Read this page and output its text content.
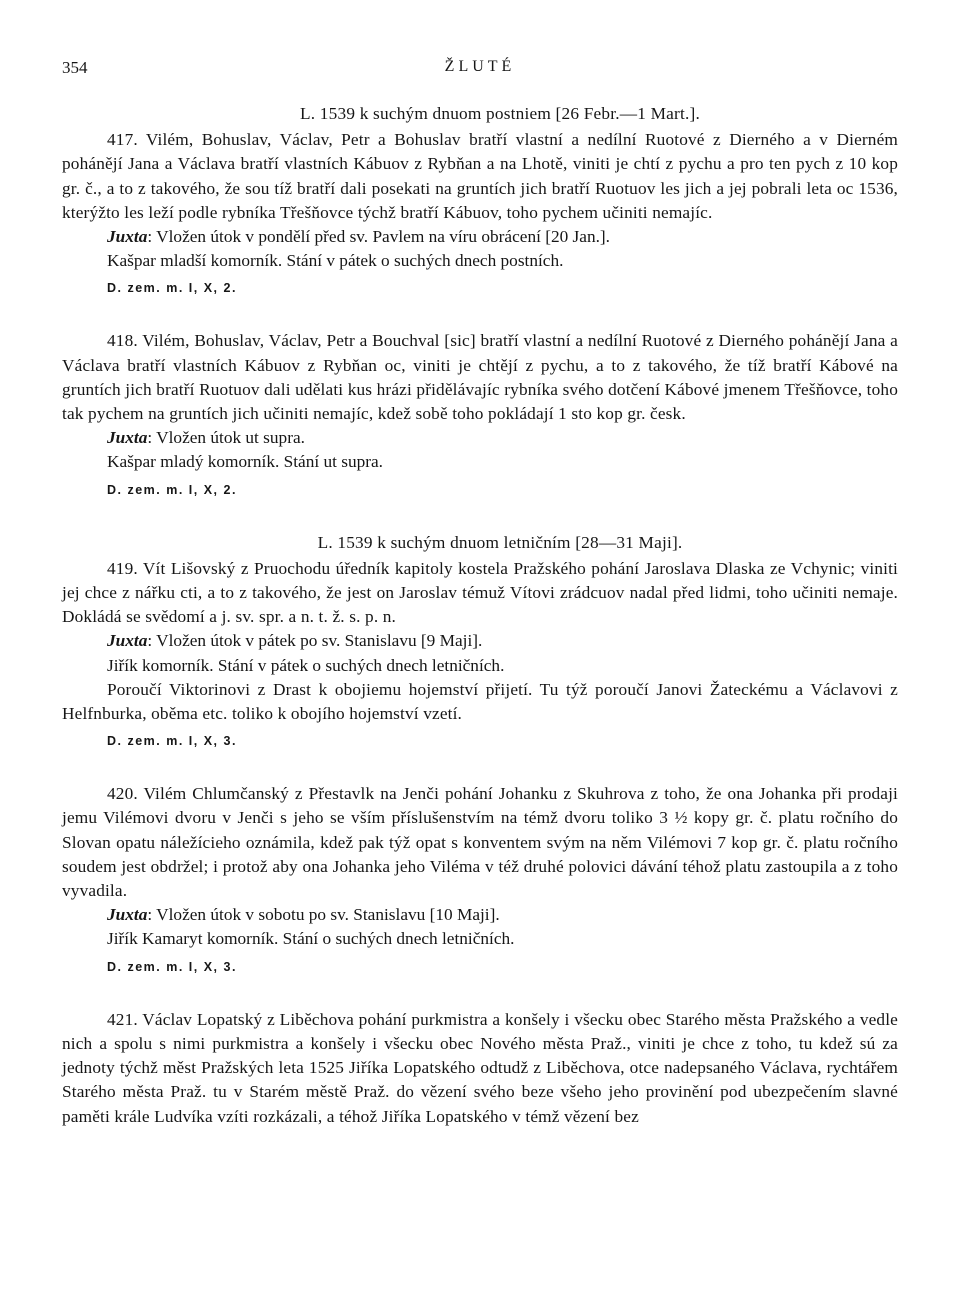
354	ŽLUTÉ
L. 1539 k suchým dnuom postniem [26 Febr.—1 Mart.].

417. Vilém, Bohuslav, Václav, Petr a Bohuslav bratří vlastní a nedílní Ruotové z Dierného a v Dierném pohánějí Jana a Václava bratří vlastních Kábuov z Rybňan a na Lhotě, viniti je chtí z pychu a pro ten pych z 10 kop gr. č., a to z takového, že sou tíž bratří dali posekati na gruntích jich bratří Ruotuov les jich a jej pobrali leta oc 1536, kterýžto les leží podle rybníka Třešňovce týchž bratří Kábuov, toho pychem učiniti nemajíc.

Juxta: Vložen útok v pondělí před sv. Pavlem na víru obrácení [20 Jan.].

Kašpar mladší komorník. Stání v pátek o suchých dnech postních.

D. zem. m. I, X, 2.

418. Vilém, Bohuslav, Václav, Petr a Bouchval [sic] bratří vlastní a nedílní Ruotové z Dierného pohánějí Jana a Václava bratří vlastních Kábuov z Rybňan oc, viniti je chtějí z pychu, a to z takového, že tíž bratří Kábové na gruntích jich bratří Ruotuov dali udělati kus hrázi přidělávajíc rybníka svého dotčení Kábové jmenem Třešňovce, toho tak pychem na gruntích jich učiniti nemajíc, kdež sobě toho pokládají 1 sto kop gr. česk.

Juxta: Vložen útok ut supra.

Kašpar mladý komorník. Stání ut supra.

D. zem. m. I, X, 2.
L. 1539 k suchým dnuom letničním [28—31 Maji].

419. Vít Lišovský z Pruochodu úředník kapitoly kostela Pražského pohání Jaroslava Dlaska ze Vchynic; viniti jej chce z nářku cti, a to z takového, že jest on Jaroslav témuž Vítovi zrádcuov nadal před lidmi, toho učiniti nemaje. Dokládá se svědomí a j. sv. spr. a n. t. ž. s. p. n.

Juxta: Vložen útok v pátek po sv. Stanislavu [9 Maji].

Jiřík komorník. Stání v pátek o suchých dnech letničních.

Poroučí Viktorinovi z Drast k obojiemu hojemství přijetí. Tu týž poroučí Janovi Žateckému a Václavovi z Helfnburka, oběma etc. toliko k obojího hojemství vzetí.

D. zem. m. I, X, 3.

420. Vilém Chlumčanský z Přestavlk na Jenči pohání Johanku z Skuhrova z toho, že ona Johanka při prodaji jemu Vilémovi dvoru v Jenči s jeho se vším příslušenstvím na témž dvoru toliko 3 ½ kopy gr. č. platu ročního do Slovan opatu náležícieho oznámila, kdež pak týž opat s konventem svým na něm Vilémovi 7 kop gr. č. platu ročního soudem jest obdržel; i protož aby ona Johanka jeho Viléma v též druhé polovici dávání téhož platu zastoupila a z toho vyvadila.

Juxta: Vložen útok v sobotu po sv. Stanislavu [10 Maji].

Jiřík Kamaryt komorník. Stání o suchých dnech letničních.

D. zem. m. I, X, 3.

421. Václav Lopatský z Liběchova pohání purkmistra a konšely i všecku obec Starého města Pražského a vedle nich a spolu s nimi purkmistra a konšely i všecku obec Nového města Praž., viniti je chce z toho, tu kdež sú za jednoty týchž měst Pražských leta 1525 Jiříka Lopatského odtudž z Liběchova, otce nadepsaného Václava, rychtářem Starého města Praž. tu v Starém městě Praž. do vězení svého beze všeho jeho provinění pod ubezpečením slavné paměti krále Ludvíka vzíti rozkázali, a téhož Jiříka Lopatského v témž vězení bez
